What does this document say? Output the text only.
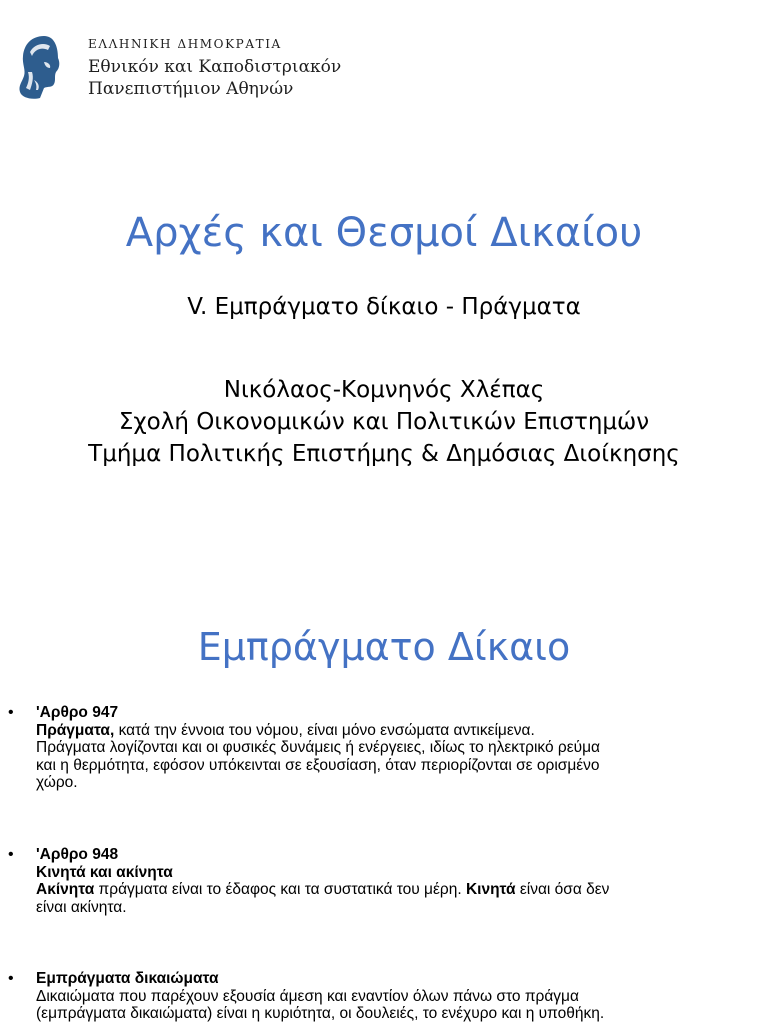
ΕΛΛΗΝΙΚΗ ΔΗΜΟΚΡΑΤΙΑ
Εθνικόν και Καποδιστριακόν
Πανεπιστήμιον Αθηνών
Αρχές και Θεσμοί Δικαίου
V. Εμπράγματο δίκαιο - Πράγματα
Νικόλαος-Κομνηνός Χλέπας
Σχολή Οικονομικών και Πολιτικών Επιστημών
Τμήμα Πολιτικής Επιστήμης & Δημόσιας Διοίκησης
Εμπράγματο Δίκαιο
• 'Αρθρο 947
Πράγματα, κατά την έννοια του νόμου, είναι μόνο ενσώματα αντικείμενα.
Πράγματα λογίζονται και οι φυσικές δυνάμεις ή ενέργειες, ιδίως το ηλεκτρικό ρεύμα
και η θερμότητα, εφόσον υπόκεινται σε εξουσίαση, όταν περιορίζονται σε ορισμένο
χώρο.
• 'Αρθρο 948
Κινητά και ακίνητα
Ακίνητα πράγματα είναι το έδαφος και τα συστατικά του μέρη. Κινητά είναι όσα δεν
είναι ακίνητα.
• Εμπράγματα δικαιώματα
Δικαιώματα που παρέχουν εξουσία άμεση και εναντίον όλων πάνω στο πράγμα
(εμπράγματα δικαιώματα) είναι η κυριότητα, οι δουλειές, το ενέχυρο και η υποθήκη.
